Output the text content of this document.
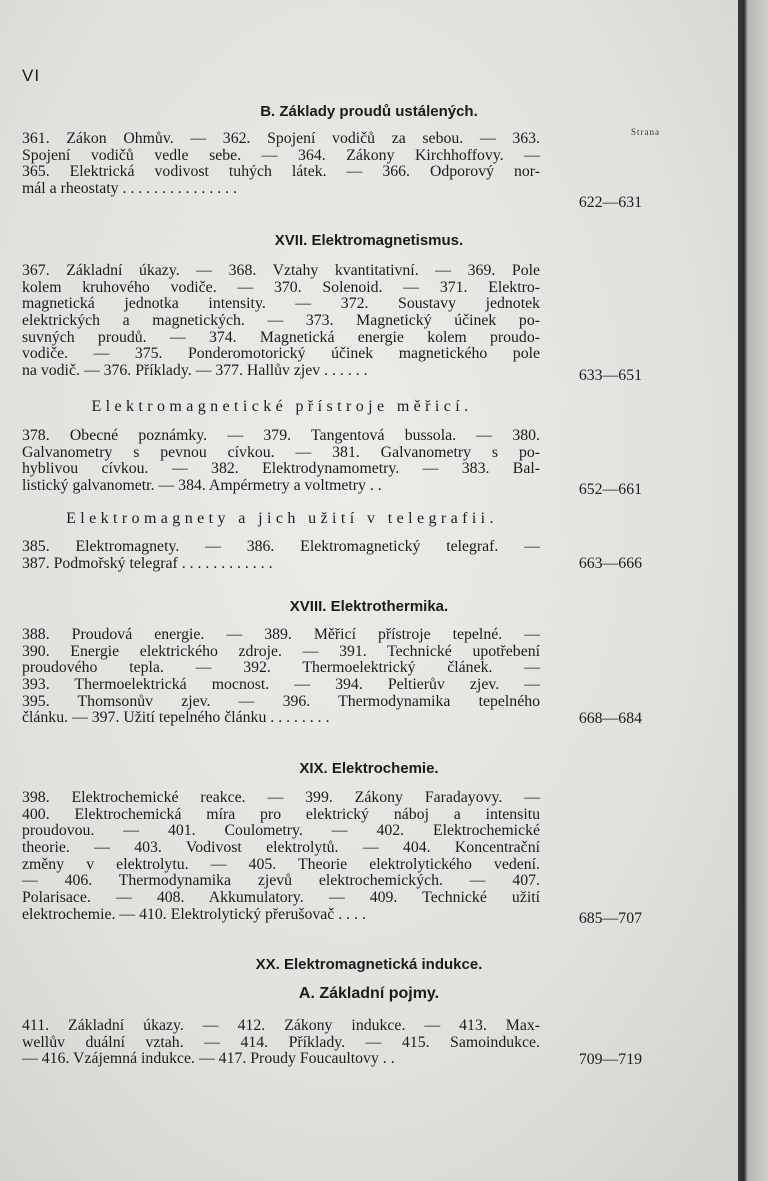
VI
Strana
B. Základy proudů ustálených.
361. Zákon Ohmův. — 362. Spojení vodičů za sebou. — 363.
Spojení vodičů vedle sebe. — 364. Zákony Kirchhoffovy. —
365. Elektrická vodivost tuhých látek. — 366. Odporový nor-
mál a rheostaty . . . . . . . . . . . . . . .
622—631
XVII. Elektromagnetismus.
367. Základní úkazy. — 368. Vztahy kvantitativní. — 369. Pole
kolem kruhového vodiče. — 370. Solenoid. — 371. Elektro-
magnetická jednotka intensity. — 372. Soustavy jednotek
elektrických a magnetických. — 373. Magnetický účinek po-
suvných proudů. — 374. Magnetická energie kolem proudo-
vodiče. — 375. Ponderomotorický účinek magnetického pole
na vodič. — 376. Příklady. — 377. Hallův zjev . . . . . .	633—651
Elektromagnetické přístroje měřicí.
378. Obecné poznámky. — 379. Tangentová bussola. — 380.
Galvanometry s pevnou cívkou. — 381. Galvanometry s po-
hyblivou cívkou. — 382. Elektrodynamometry. — 383. Bal-
listický galvanometr. — 384. Ampérmetry a voltmetry . .	652—661
Elektromagnety a jich užití v telegrafii.
385. Elektromagnety. — 386. Elektromagnetický telegraf. —
387. Podmořský telegraf . . . . . . . . . . . .	663—666
XVIII. Elektrothermika.
388. Proudová energie. — 389. Měřicí přístroje tepelné. —
390. Energie elektrického zdroje. — 391. Technické upotřebení
proudového tepla. — 392. Thermoelektrický článek. —
393. Thermoelektrická mocnost. — 394. Peltierův zjev. —
395. Thomsonův zjev. — 396. Thermodynamika tepelného
článku. — 397. Užití tepelného článku . . . . . . . .	668—684
XIX. Elektrochemie.
398. Elektrochemické reakce. — 399. Zákony Faradayovy. —
400. Elektrochemická míra pro elektrický náboj a intensitu
proudovou. — 401. Coulometry. — 402. Elektrochemické
theorie. — 403. Vodivost elektrolytů. — 404. Koncentrační
změny v elektrolytu. — 405. Theorie elektrolytického vedení.
— 406. Thermodynamika zjevů elektrochemických. — 407.
Polarisace. — 408. Akkumulatory. — 409. Technické užití
elektrochemie. — 410. Elektrolytický přerušovač . . . .	685—707
XX. Elektromagnetická indukce.
A. Základní pojmy.
411. Základní úkazy. — 412. Zákony indukce. — 413. Max-
wellův duální vztah. — 414. Příklady. — 415. Samoindukce.
— 416. Vzájemná indukce. — 417. Proudy Foucaultovy . .	709—719
